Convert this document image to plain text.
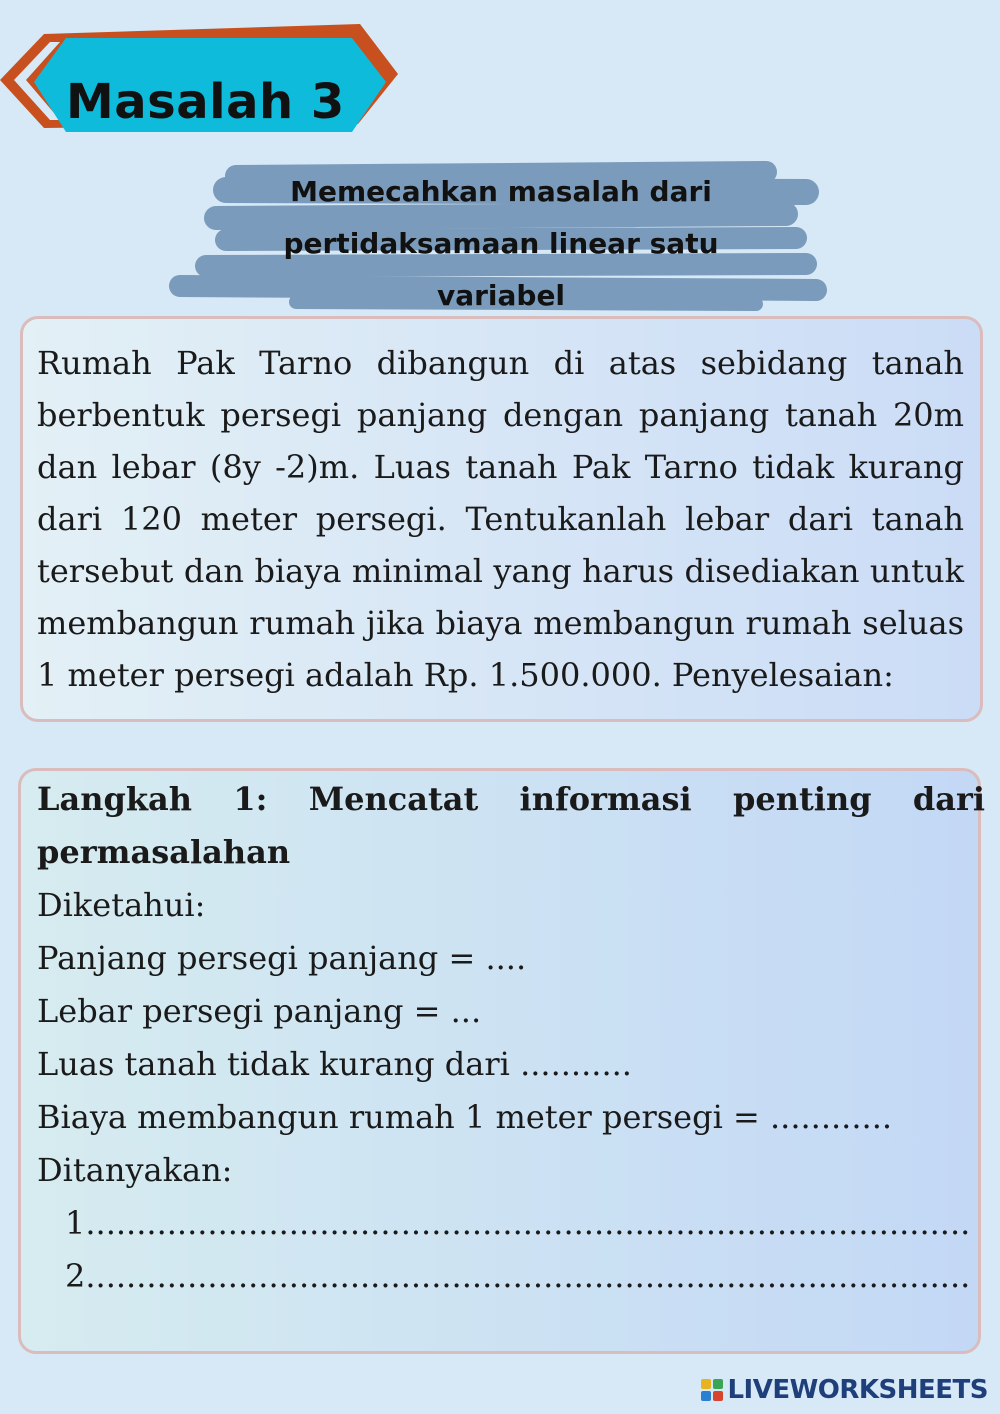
Masalah 3
Memecahkan masalah dari
pertidaksamaan linear satu
variabel

Rumah Pak Tarno dibangun di atas sebidang tanah berbentuk persegi panjang dengan panjang tanah 20m dan lebar (8y -2)m. Luas tanah Pak Tarno tidak kurang dari 120 meter persegi. Tentukanlah lebar dari tanah tersebut dan biaya minimal yang harus disediakan untuk membangun rumah jika biaya membangun rumah seluas 1 meter persegi adalah Rp. 1.500.000. Penyelesaian:

Langkah 1: Mencatat informasi penting dari

permasalahan

Diketahui:

Panjang persegi panjang = ....

Lebar persegi panjang = ...

Luas tanah tidak kurang dari ...........

Biaya membangun rumah 1 meter persegi = ............

Ditanyakan:

1.......................................................................................

2.......................................................................................

LIVEWORKSHEETS
